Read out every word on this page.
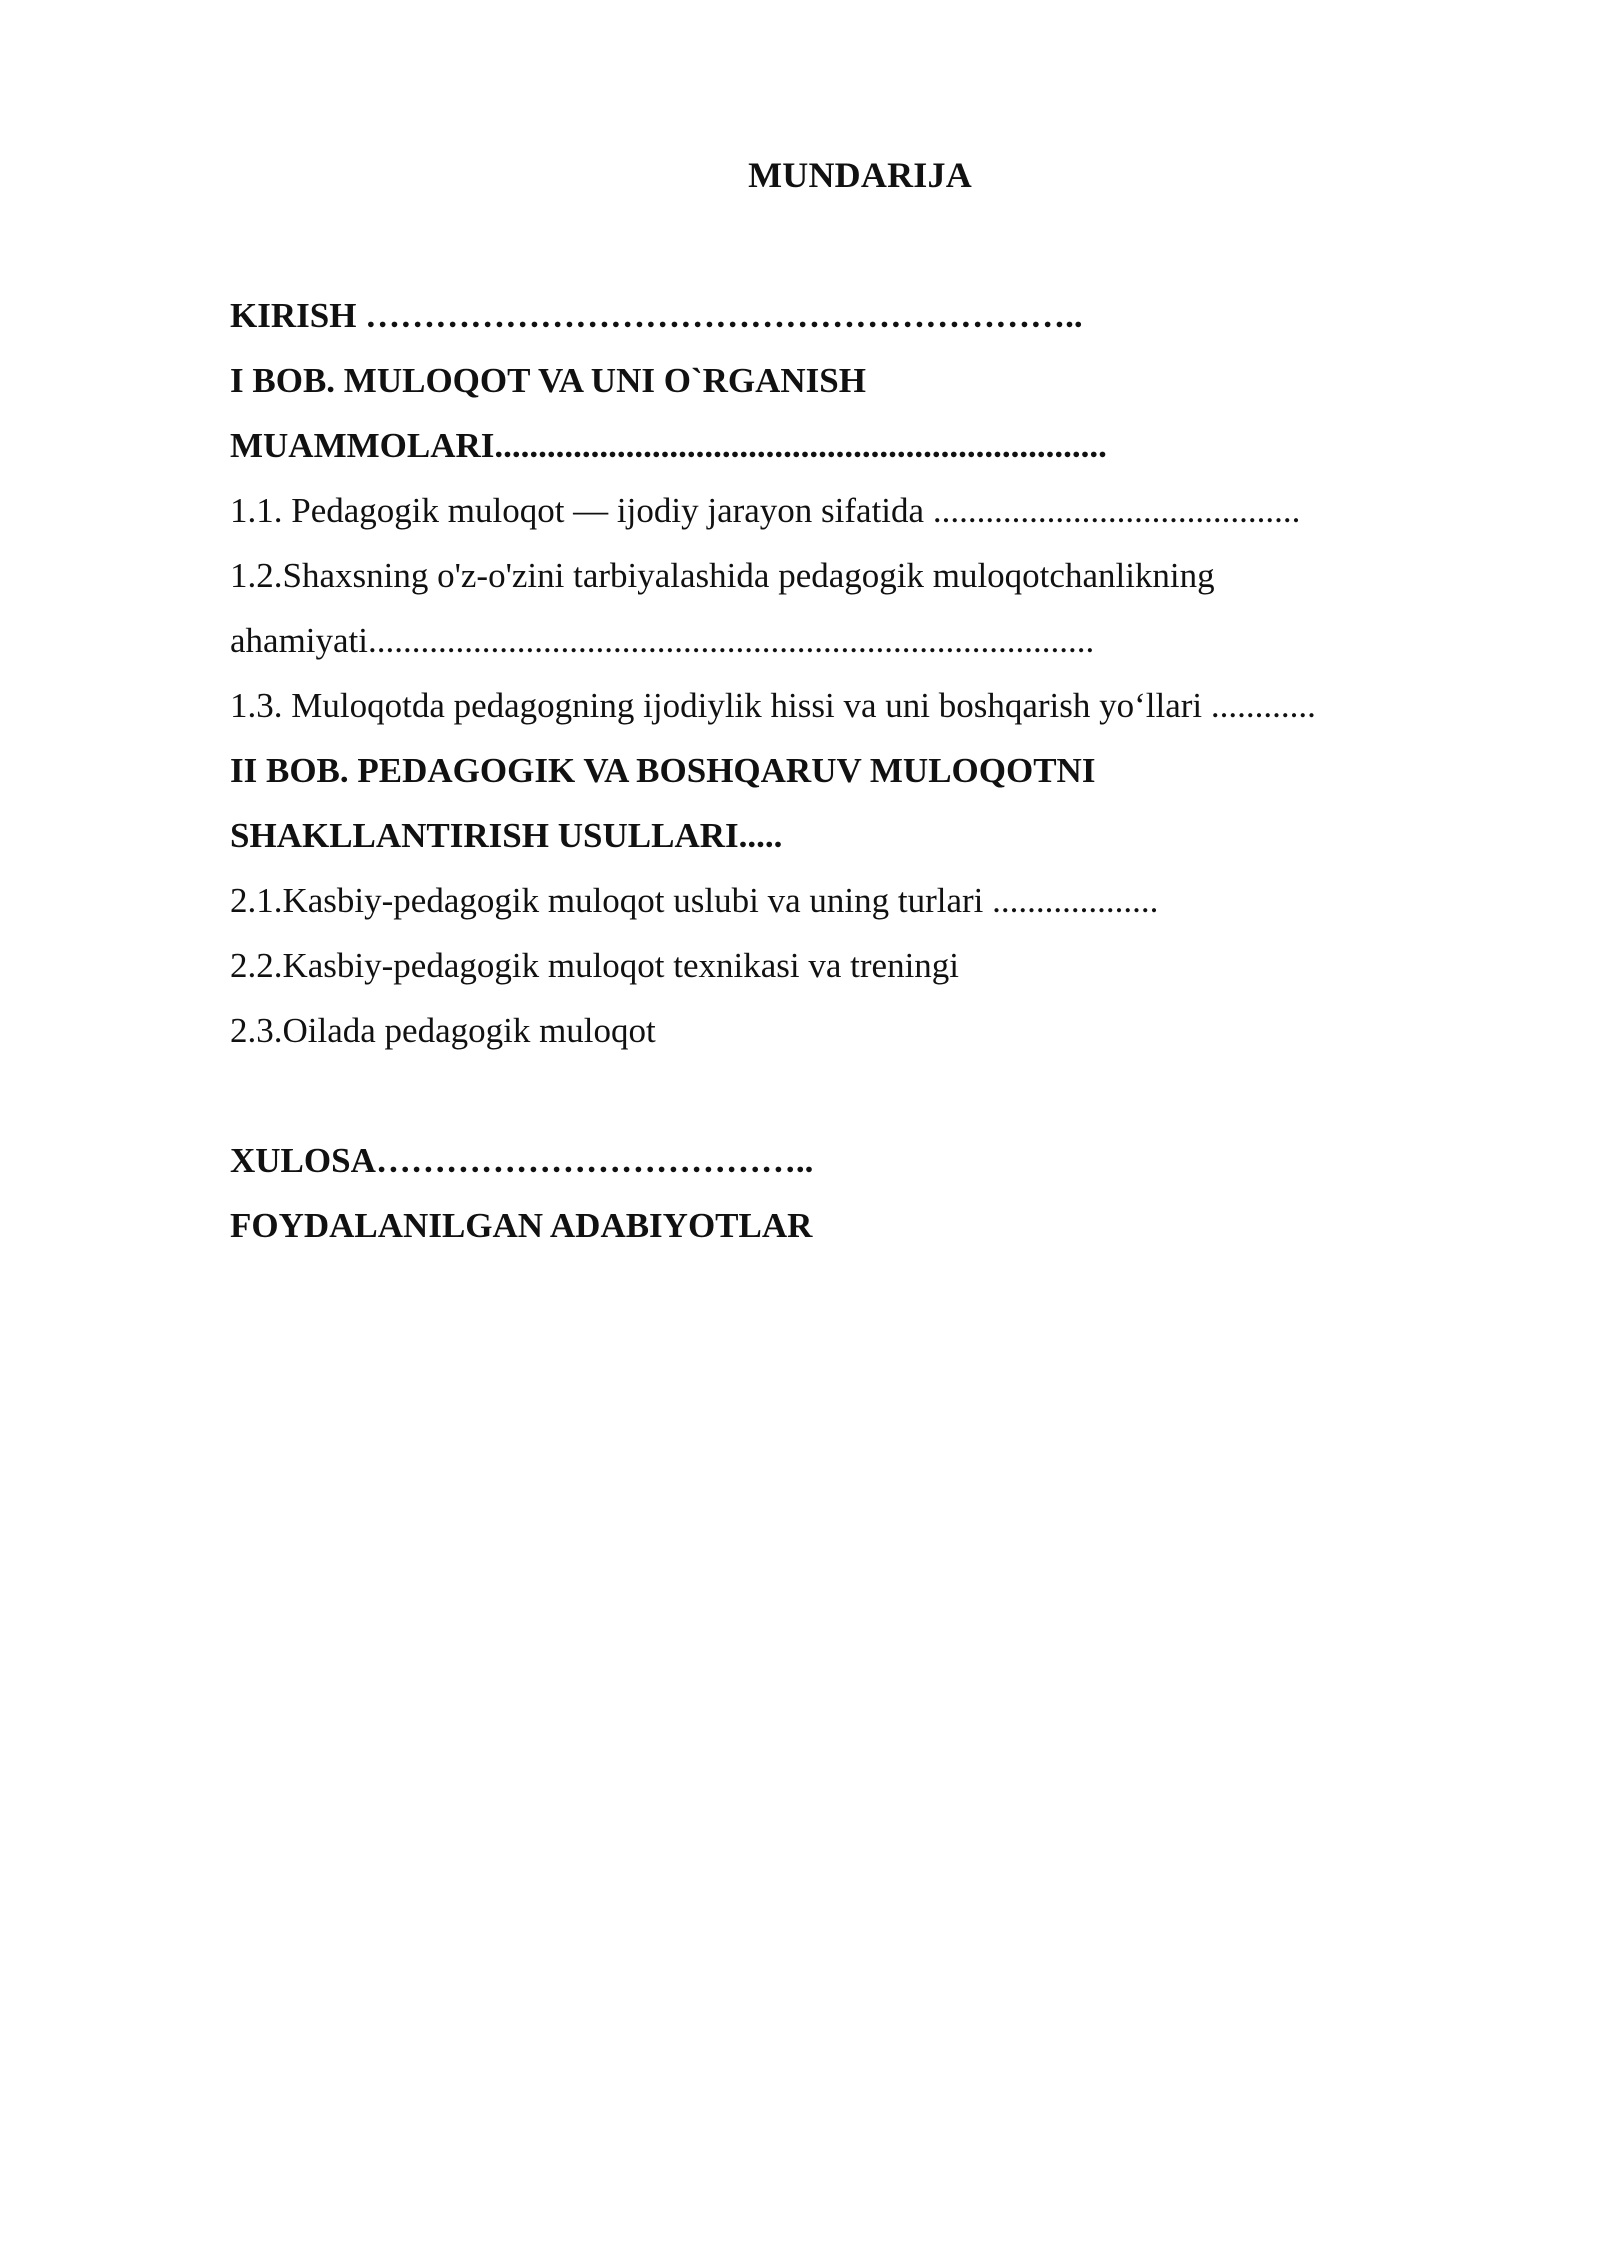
MUNDARIJA
KIRISH ……………………………………………………..
I BOB. MULOQOT VA UNI O`RGANISH
MUAMMOLARI......................................................................
1.1. Pedagogik muloqot — ijodiy jarayon sifatida ..........................................
1.2.Shaxsning o'z-o'zini tarbiyalashida pedagogik muloqotchanlikning
ahamiyati...................................................................................
1.3. Muloqotda pedagogning ijodiylik hissi va uni boshqarish yo‘llari ............
II BOB. PEDAGOGIK VA BOSHQARUV MULOQOTNI
SHAKLLANTIRISH USULLARI.....
2.1.Kasbiy-pedagogik muloqot uslubi va uning turlari ...................
2.2.Kasbiy-pedagogik muloqot texnikasi va treningi
2.3.Oilada pedagogik muloqot
XULOSA………………………………..
FOYDALANILGAN ADABIYOTLAR
